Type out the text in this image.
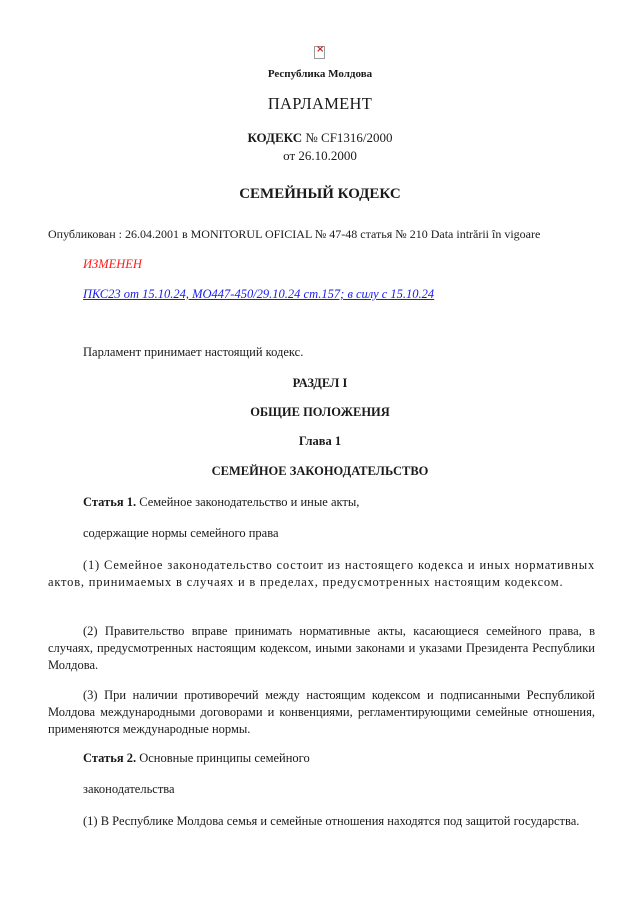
×
Республика Молдова
ПАРЛАМЕНТ
КОДЕКС № CF1316/2000
от 26.10.2000
СЕМЕЙНЫЙ КОДЕКС
Опубликован : 26.04.2001 в MONITORUL OFICIAL № 47-48 статья № 210 Data intrării în vigoare
ИЗМЕНЕН
ПКС23 от 15.10.24, MO447-450/29.10.24 ст.157; в силу с 15.10.24
Парламент принимает настоящий кодекс.
РАЗДЕЛ I
ОБЩИЕ ПОЛОЖЕНИЯ
Глава 1
СЕМЕЙНОЕ ЗАКОНОДАТЕЛЬСТВО
Статья 1. Семейное законодательство и иные акты,
содержащие нормы семейного права
(1) Семейное законодательство состоит из настоящего кодекса и иных нормативных актов, принимаемых в случаях и в пределах, предусмотренных настоящим кодексом.
(2) Правительство вправе принимать нормативные акты, касающиеся семейного права, в случаях, предусмотренных настоящим кодексом, иными законами и указами Президента Республики Молдова.
(3) При наличии противоречий между настоящим кодексом и подписанными Республикой Молдова международными договорами и конвенциями, регламентирующими семейные отношения, применяются международные нормы.
Статья 2. Основные принципы семейного
законодательства
(1) В Республике Молдова семья и семейные отношения находятся под защитой государства.
